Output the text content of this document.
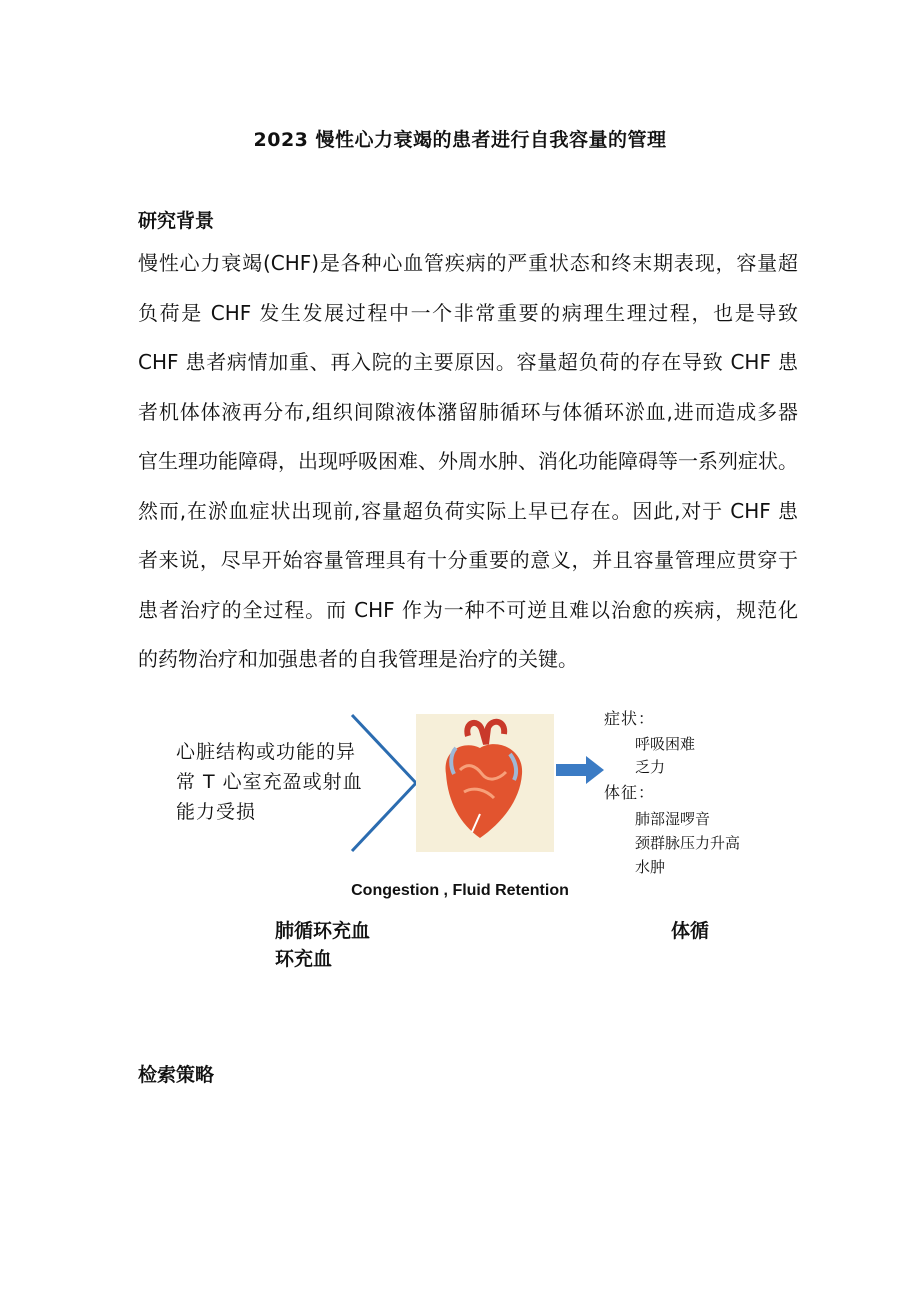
2023 慢性心力衰竭的患者进行自我容量的管理
研究背景
慢性心力衰竭(CHF)是各种心血管疾病的严重状态和终末期表现，容量超
负荷是 CHF 发生发展过程中一个非常重要的病理生理过程，也是导致
CHF 患者病情加重、再入院的主要原因。容量超负荷的存在导致 CHF 患
者机体体液再分布,组织间隙液体潴留肺循环与体循环淤血,进而造成多器
官生理功能障碍，出现呼吸困难、外周水肿、消化功能障碍等一系列症状。
然而,在淤血症状出现前,容量超负荷实际上早已存在。因此,对于 CHF 患
者来说，尽早开始容量管理具有十分重要的意义，并且容量管理应贯穿于
患者治疗的全过程。而 CHF 作为一种不可逆且难以治愈的疾病，规范化
的药物治疗和加强患者的自我管理是治疗的关键。
心脏结构或功能的异
常 T 心室充盈或射血
能力受损
症状：
呼吸困难
乏力
体征：
肺部湿啰音
颈群脉压力升高
水肿
Congestion , Fluid Retention
肺循环充血
环充血
体循
检索策略
